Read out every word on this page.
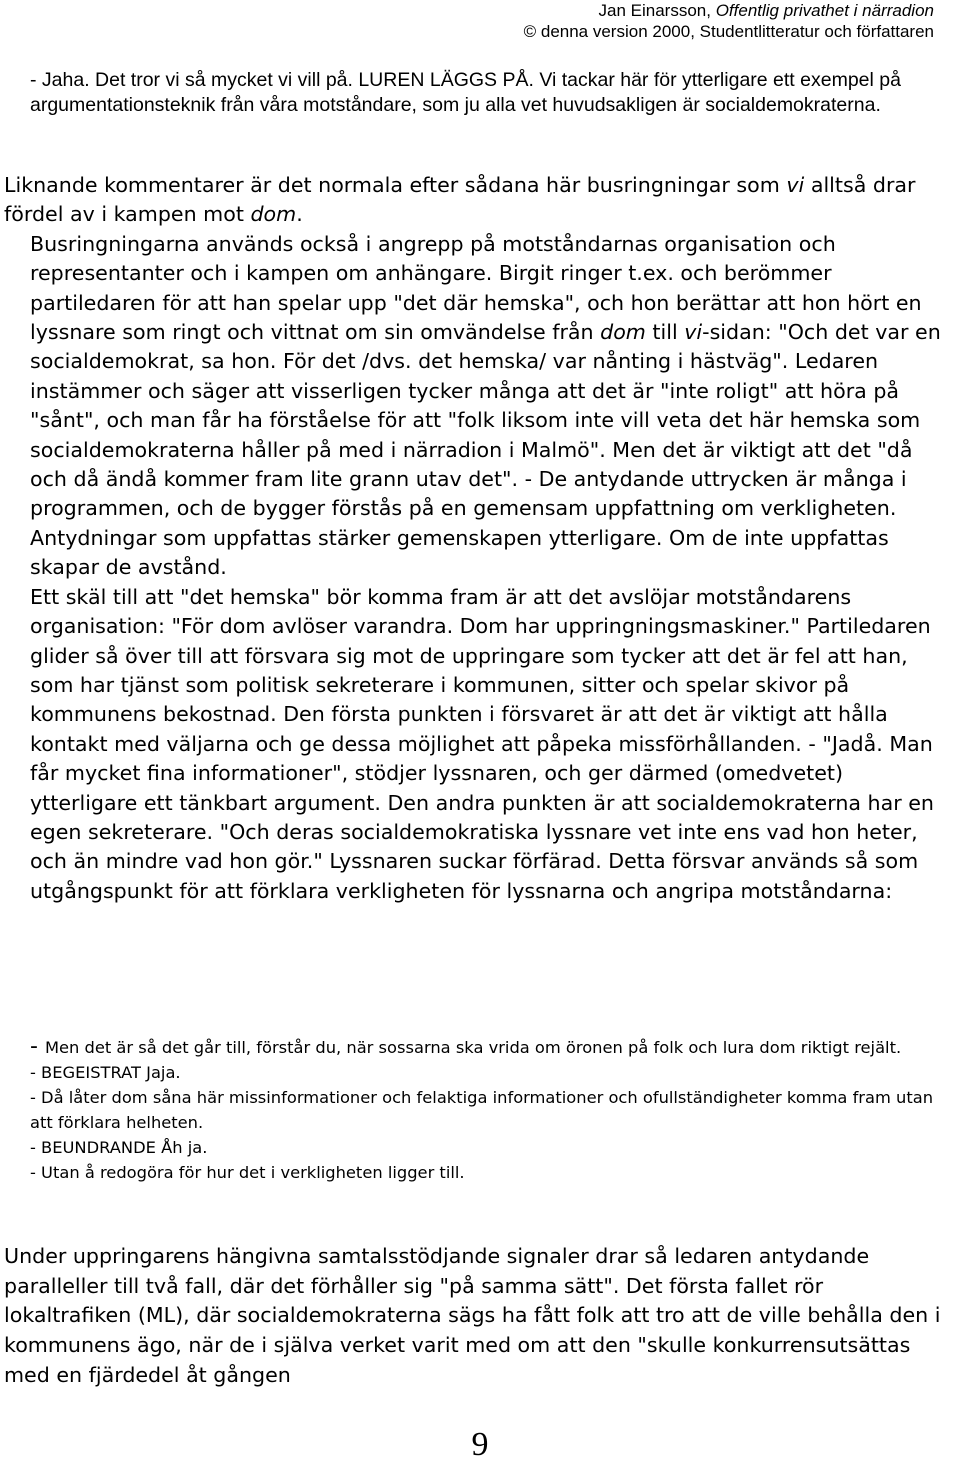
Jan Einarsson, Offentlig privathet i närradion
© denna version 2000, Studentlitteratur och författaren

- Jaha. Det tror vi så mycket vi vill på. LUREN LÄGGS PÅ. Vi tackar här för ytterligare ett exempel på argumentationsteknik från våra motståndare, som ju alla vet huvudsakligen är socialdemokraterna.

Liknande kommentarer är det normala efter sådana här busringningar som vi alltså drar fördel av i kampen mot dom.

Busringningarna används också i angrepp på motståndarnas organisation och representanter och i kampen om anhängare. Birgit ringer t.ex. och berömmer partiledaren för att han spelar upp "det där hemska", och hon berättar att hon hört en lyssnare som ringt och vittnat om sin omvändelse från dom till vi-sidan: "Och det var en socialdemokrat, sa hon. För det /dvs. det hemska/ var nånting i hästväg". Ledaren instämmer och säger att visserligen tycker många att det är "inte roligt" att höra på "sånt", och man får ha förståelse för att "folk liksom inte vill veta det här hemska som socialdemokraterna håller på med i närradion i Malmö". Men det är viktigt att det "då och då ändå kommer fram lite grann utav det". - De antydande uttrycken är många i programmen, och de bygger förstås på en gemensam uppfattning om verkligheten. Antydningar som uppfattas stärker gemenskapen ytterligare. Om de inte uppfattas skapar de avstånd.

Ett skäl till att "det hemska" bör komma fram är att det avslöjar motståndarens organisation: "För dom avlöser varandra. Dom har uppringningsmaskiner." Partiledaren glider så över till att försvara sig mot de uppringare som tycker att det är fel att han, som har tjänst som politisk sekreterare i kommunen, sitter och spelar skivor på kommunens bekostnad. Den första punkten i försvaret är att det är viktigt att hålla kontakt med väljarna och ge dessa möjlighet att påpeka missförhållanden. - "Jadå. Man får mycket fina informationer", stödjer lyssnaren, och ger därmed (omedvetet) ytterligare ett tänkbart argument. Den andra punkten är att socialdemokraterna har en egen sekreterare. "Och deras socialdemokratiska lyssnare vet inte ens vad hon heter, och än mindre vad hon gör." Lyssnaren suckar förfärad. Detta försvar används så som utgångspunkt för att förklara verkligheten för lyssnarna och angripa motståndarna:

- Men det är så det går till, förstår du, när sossarna ska vrida om öronen på folk och lura dom riktigt rejält.

- BEGEISTRAT Jaja.

- Då låter dom såna här missinformationer och felaktiga informationer och ofullständigheter komma fram utan att förklara helheten.

- BEUNDRANDE Åh ja.

- Utan å redogöra för hur det i verkligheten ligger till.

Under uppringarens hängivna samtalsstödjande signaler drar så ledaren antydande paralleller till två fall, där det förhåller sig "på samma sätt". Det första fallet rör lokaltrafiken (ML), där socialdemokraterna sägs ha fått folk att tro att de ville behålla den i kommunens ägo, när de i själva verket varit med om att den "skulle konkurrensutsättas med en fjärdedel åt gången

9
